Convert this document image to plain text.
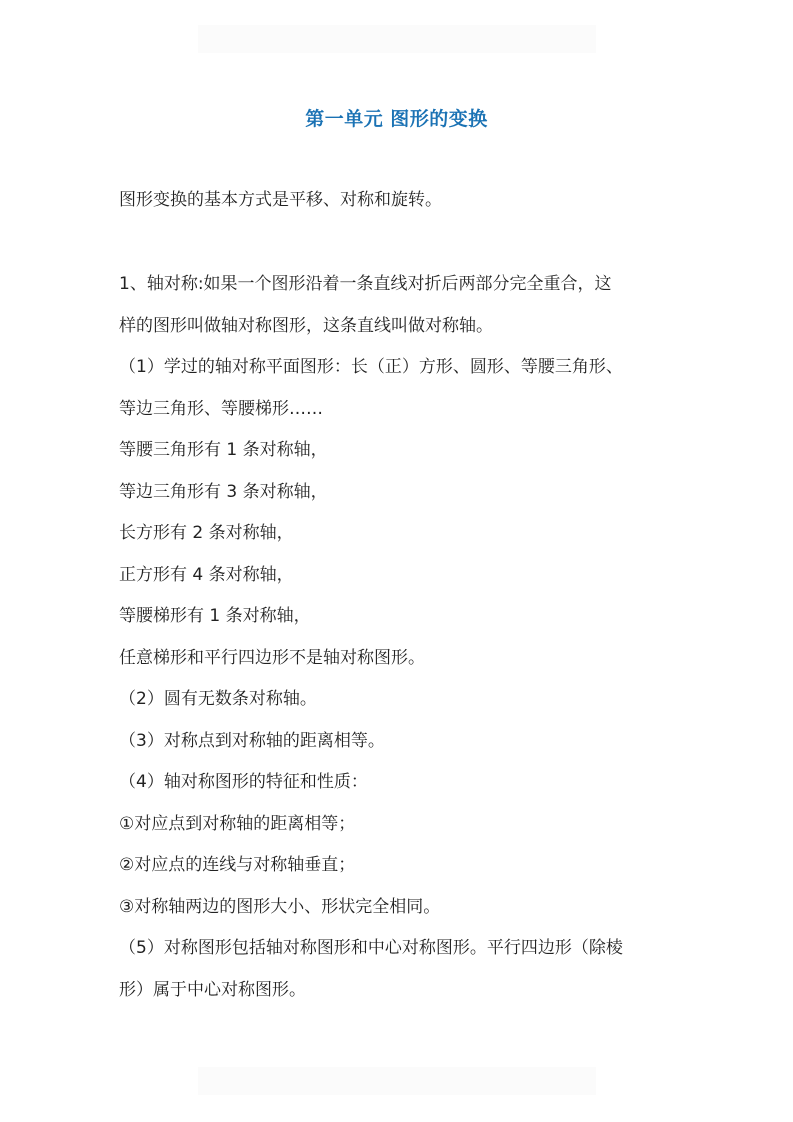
第一单元 图形的变换
图形变换的基本方式是平移、对称和旋转。
1、轴对称:如果一个图形沿着一条直线对折后两部分完全重合，这
样的图形叫做轴对称图形，这条直线叫做对称轴。
（1）学过的轴对称平面图形：长（正）方形、圆形、等腰三角形、
等边三角形、等腰梯形……
等腰三角形有 1 条对称轴，
等边三角形有 3 条对称轴，
长方形有 2 条对称轴，
正方形有 4 条对称轴，
等腰梯形有 1 条对称轴，
任意梯形和平行四边形不是轴对称图形。
（2）圆有无数条对称轴。
（3）对称点到对称轴的距离相等。
（4）轴对称图形的特征和性质：
①对应点到对称轴的距离相等；
②对应点的连线与对称轴垂直；
③对称轴两边的图形大小、形状完全相同。
（5）对称图形包括轴对称图形和中心对称图形。平行四边形（除棱
形）属于中心对称图形。
